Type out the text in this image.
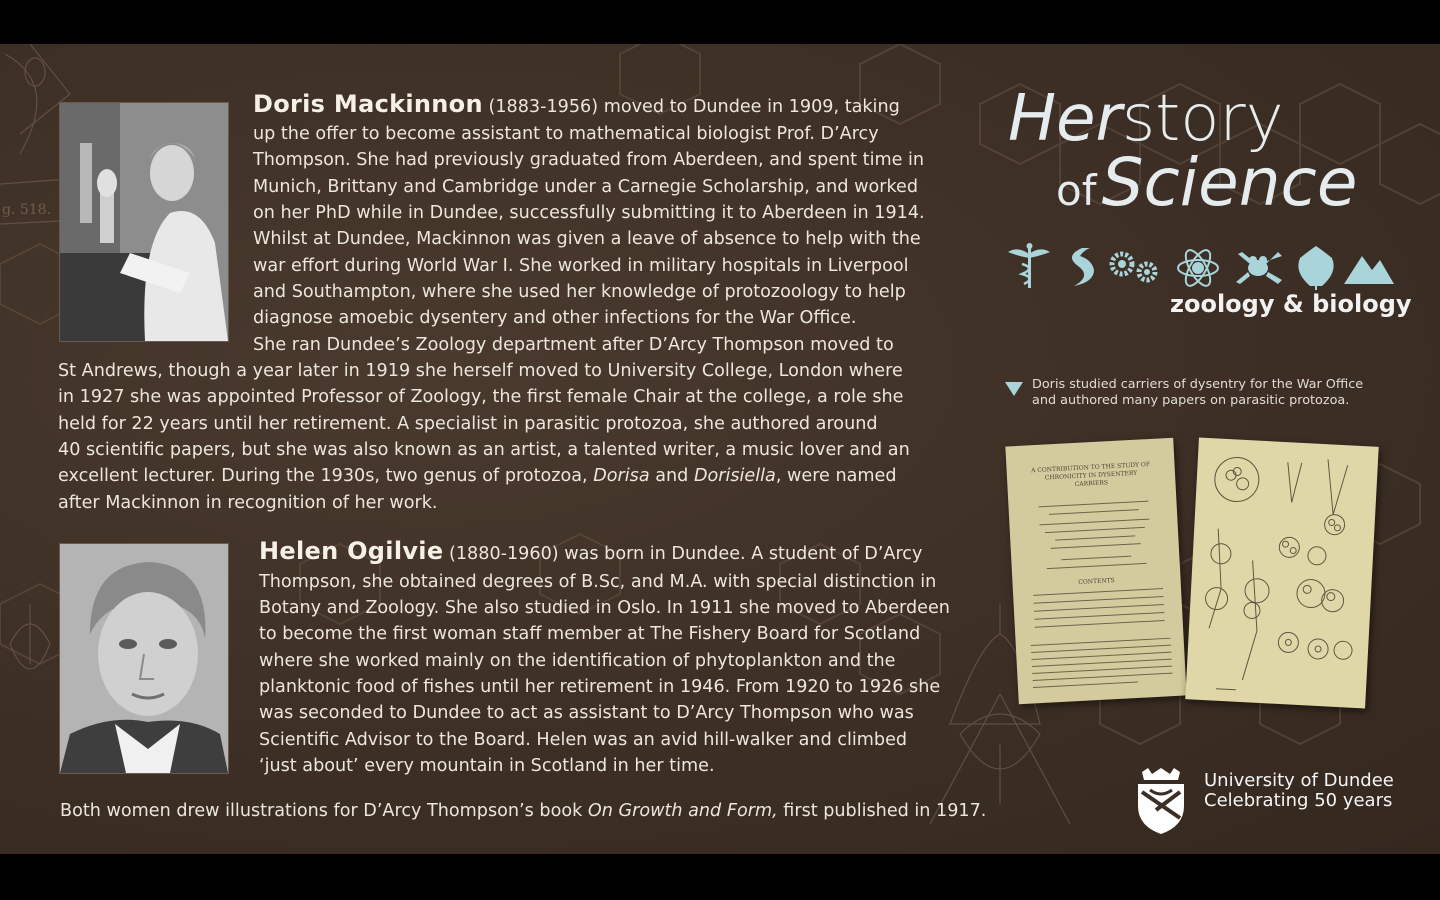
g. 518.

Doris Mackinnon (1883-1956) moved to Dundee in 1909, taking

up the offer to become assistant to mathematical biologist Prof. D’Arcy

Thompson. She had previously graduated from Aberdeen, and spent time in

Munich, Brittany and Cambridge under a Carnegie Scholarship, and worked

on her PhD while in Dundee, successfully submitting it to Aberdeen in 1914.

Whilst at Dundee, Mackinnon was given a leave of absence to help with the

war effort during World War I. She worked in military hospitals in Liverpool

and Southampton, where she used her knowledge of protozoology to help

diagnose amoebic dysentery and other infections for the War Office.

She ran Dundee’s Zoology department after D’Arcy Thompson moved to

St Andrews, though a year later in 1919 she herself moved to University College, London where

in 1927 she was appointed Professor of Zoology, the first female Chair at the college, a role she

held for 22 years until her retirement. A specialist in parasitic protozoa, she authored around

40 scientific papers, but she was also known as an artist, a talented writer, a music lover and an

excellent lecturer. During the 1930s, two genus of protozoa, Dorisa and Dorisiella, were named

after Mackinnon in recognition of her work.

Helen Ogilvie (1880-1960) was born in Dundee. A student of D’Arcy

Thompson, she obtained degrees of B.Sc, and M.A. with special distinction in

Botany and Zoology. She also studied in Oslo. In 1911 she moved to Aberdeen

to become the first woman staff member at The Fishery Board for Scotland

where she worked mainly on the identification of phytoplankton and the

planktonic food of fishes until her retirement in 1946. From 1920 to 1926 she

was seconded to Dundee to act as assistant to D’Arcy Thompson who was

Scientific Advisor to the Board. Helen was an avid hill-walker and climbed

‘just about’ every mountain in Scotland in her time.

Both women drew illustrations for D’Arcy Thompson’s book On Growth and Form, first published in 1917.

Herstory
of Science
zoology & biology

Doris studied carriers of dysentry for the War Office
and authored many papers on parasitic protozoa.

A CONTRIBUTION TO THE STUDY OF CHRONICITY IN DYSENTERY CARRIERS
CONTENTS

University of Dundee
Celebrating 50 years
